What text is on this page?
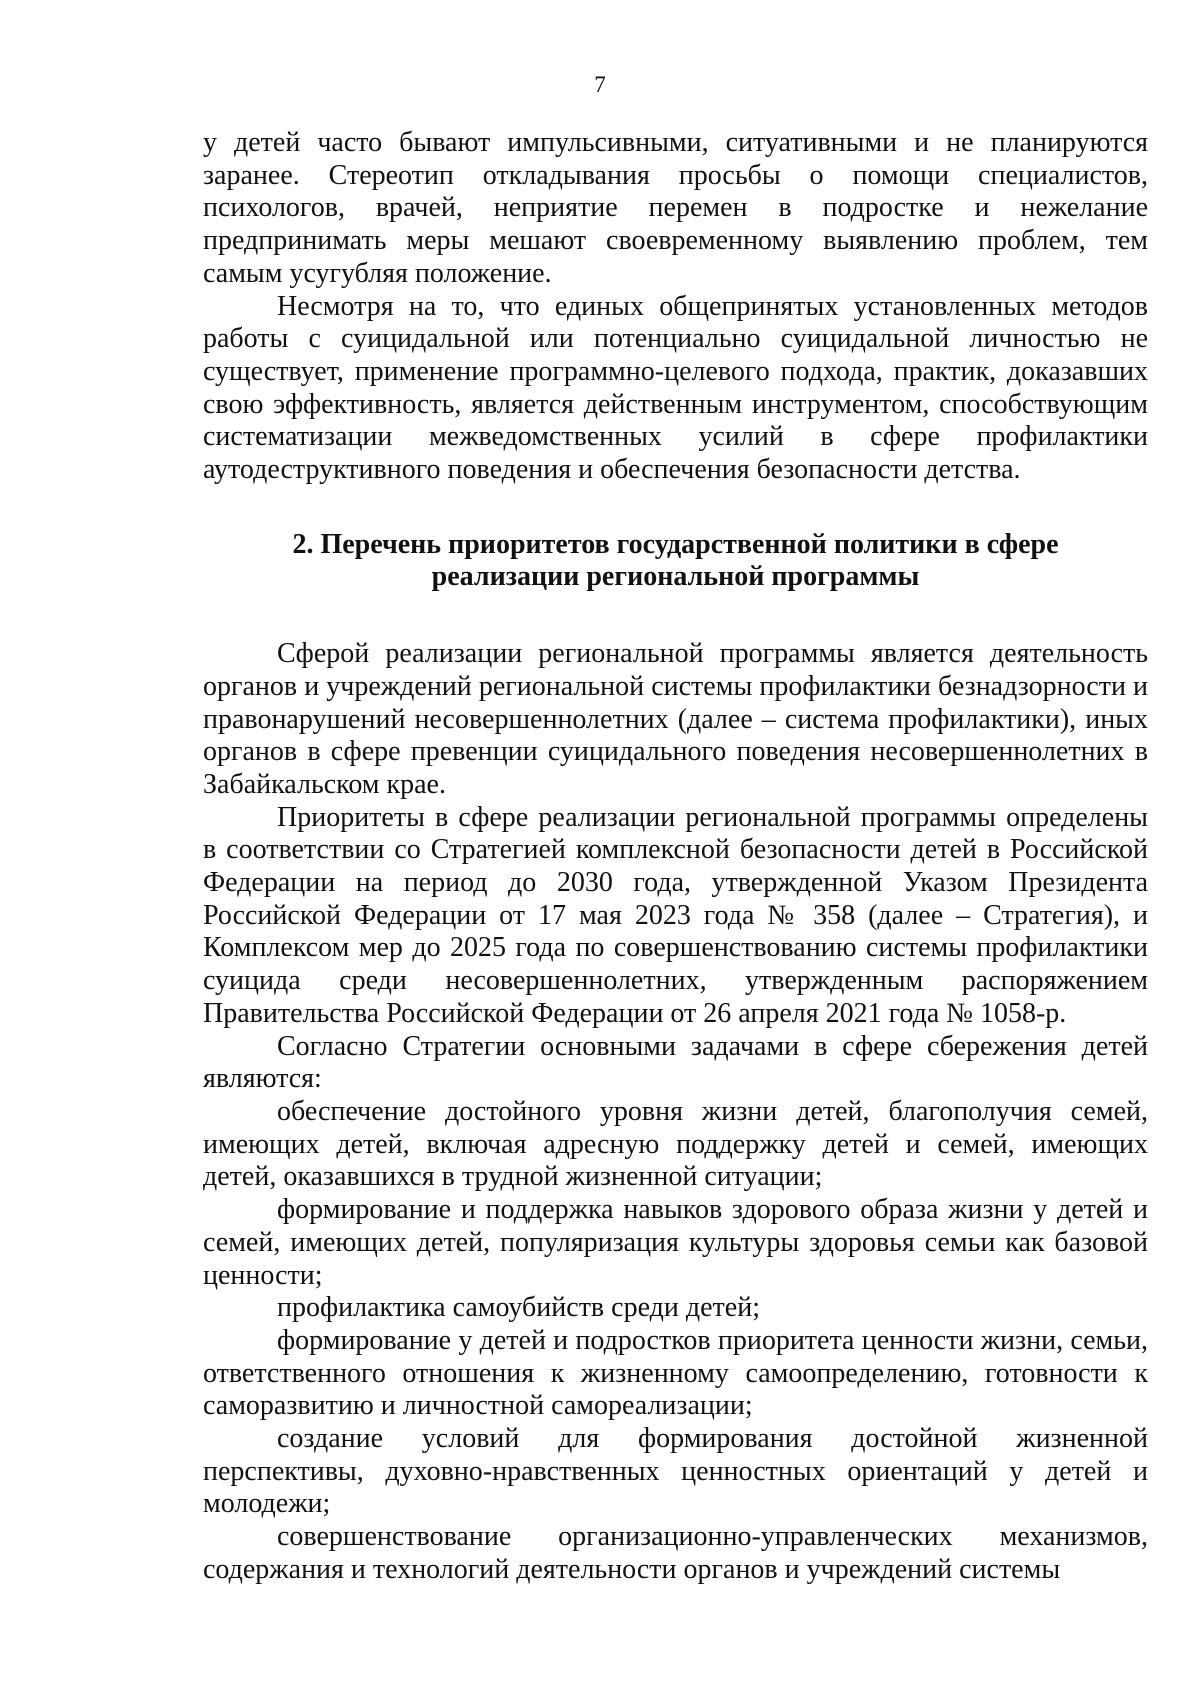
7

у детей часто бывают импульсивными, ситуативными и не планируются заранее. Стереотип откладывания просьбы о помощи специалистов, психологов, врачей, неприятие перемен в подростке и нежелание предпринимать меры мешают своевременному выявлению проблем, тем самым усугубляя положение.

Несмотря на то, что единых общепринятых установленных методов работы с суицидальной или потенциально суицидальной личностью не существует, применение программно-целевого подхода, практик, доказавших свою эффективность, является действенным инструментом, способствующим систематизации межведомственных усилий в сфере профилактики аутодеструктивного поведения и обеспечения безопасности детства.

2. Перечень приоритетов государственной политики в сфере
реализации региональной программы

Сферой реализации региональной программы является деятельность органов и учреждений региональной системы профилактики безнадзорности и правонарушений несовершеннолетних (далее – система профилактики), иных органов в сфере превенции суицидального поведения несовершеннолетних в Забайкальском крае.

Приоритеты в сфере реализации региональной программы определены в соответствии со Стратегией комплексной безопасности детей в Российской Федерации на период до 2030 года, утвержденной Указом Президента Российской Федерации от 17 мая 2023 года № 358 (далее – Стратегия), и Комплексом мер до 2025 года по совершенствованию системы профилактики суицида среди несовершеннолетних, утвержденным распоряжением Правительства Российской Федерации от 26 апреля 2021 года № 1058-р.

Согласно Стратегии основными задачами в сфере сбережения детей являются:

обеспечение достойного уровня жизни детей, благополучия семей, имеющих детей, включая адресную поддержку детей и семей, имеющих детей, оказавшихся в трудной жизненной ситуации;

формирование и поддержка навыков здорового образа жизни у детей и семей, имеющих детей, популяризация культуры здоровья семьи как базовой ценности;

профилактика самоубийств среди детей;

формирование у детей и подростков приоритета ценности жизни, семьи, ответственного отношения к жизненному самоопределению, готовности к саморазвитию и личностной самореализации;

создание условий для формирования достойной жизненной перспективы, духовно-нравственных ценностных ориентаций у детей и молодежи;

совершенствование организационно-управленческих механизмов, содержания и технологий деятельности органов и учреждений системы
